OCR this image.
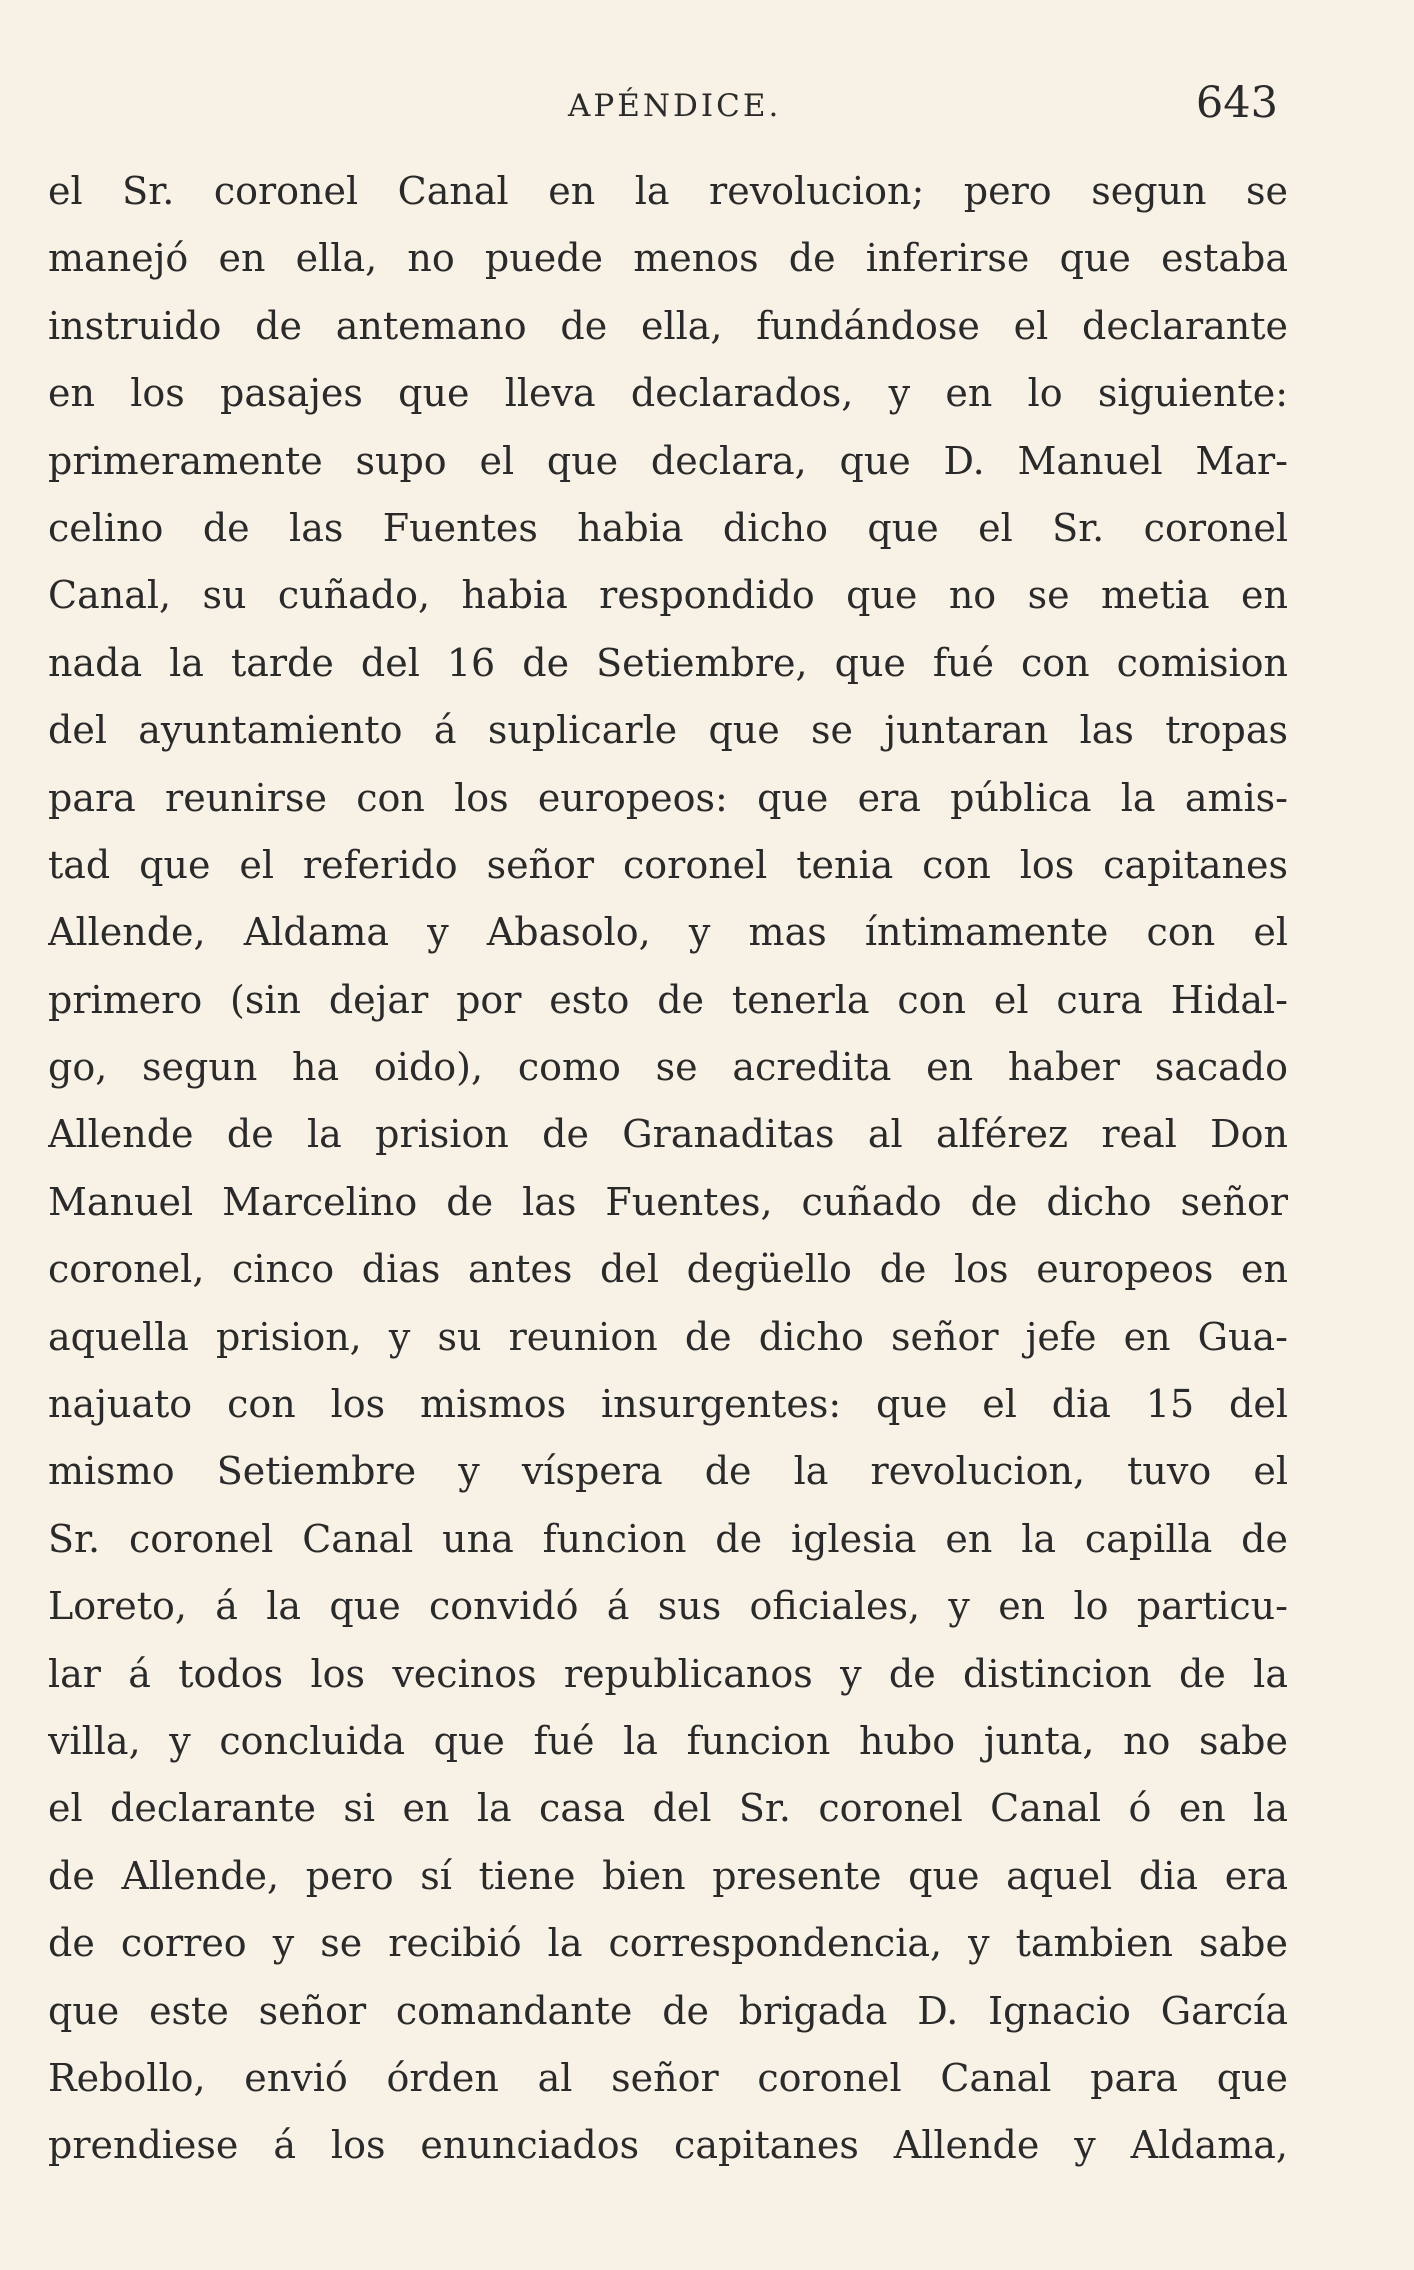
APÉNDICE.	643
el Sr. coronel Canal en la revolucion; pero segun se
manejó en ella, no puede menos de inferirse que estaba
instruido de antemano de ella, fundándose el declarante
en los pasajes que lleva declarados, y en lo siguiente:
primeramente supo el que declara, que D. Manuel Mar-
celino de las Fuentes habia dicho que el Sr. coronel
Canal, su cuñado, habia respondido que no se metia en
nada la tarde del 16 de Setiembre, que fué con comision
del ayuntamiento á suplicarle que se juntaran las tropas
para reunirse con los europeos: que era pública la amis-
tad que el referido señor coronel tenia con los capitanes
Allende, Aldama y Abasolo, y mas íntimamente con el
primero (sin dejar por esto de tenerla con el cura Hidal-
go, segun ha oido), como se acredita en haber sacado
Allende de la prision de Granaditas al alférez real Don
Manuel Marcelino de las Fuentes, cuñado de dicho señor
coronel, cinco dias antes del degüello de los europeos en
aquella prision, y su reunion de dicho señor jefe en Gua-
najuato con los mismos insurgentes: que el dia 15 del
mismo Setiembre y víspera de la revolucion, tuvo el
Sr. coronel Canal una funcion de iglesia en la capilla de
Loreto, á la que convidó á sus oficiales, y en lo particu-
lar á todos los vecinos republicanos y de distincion de la
villa, y concluida que fué la funcion hubo junta, no sabe
el declarante si en la casa del Sr. coronel Canal ó en la
de Allende, pero sí tiene bien presente que aquel dia era
de correo y se recibió la correspondencia, y tambien sabe
que este señor comandante de brigada D. Ignacio García
Rebollo, envió órden al señor coronel Canal para que
prendiese á los enunciados capitanes Allende y Aldama,
